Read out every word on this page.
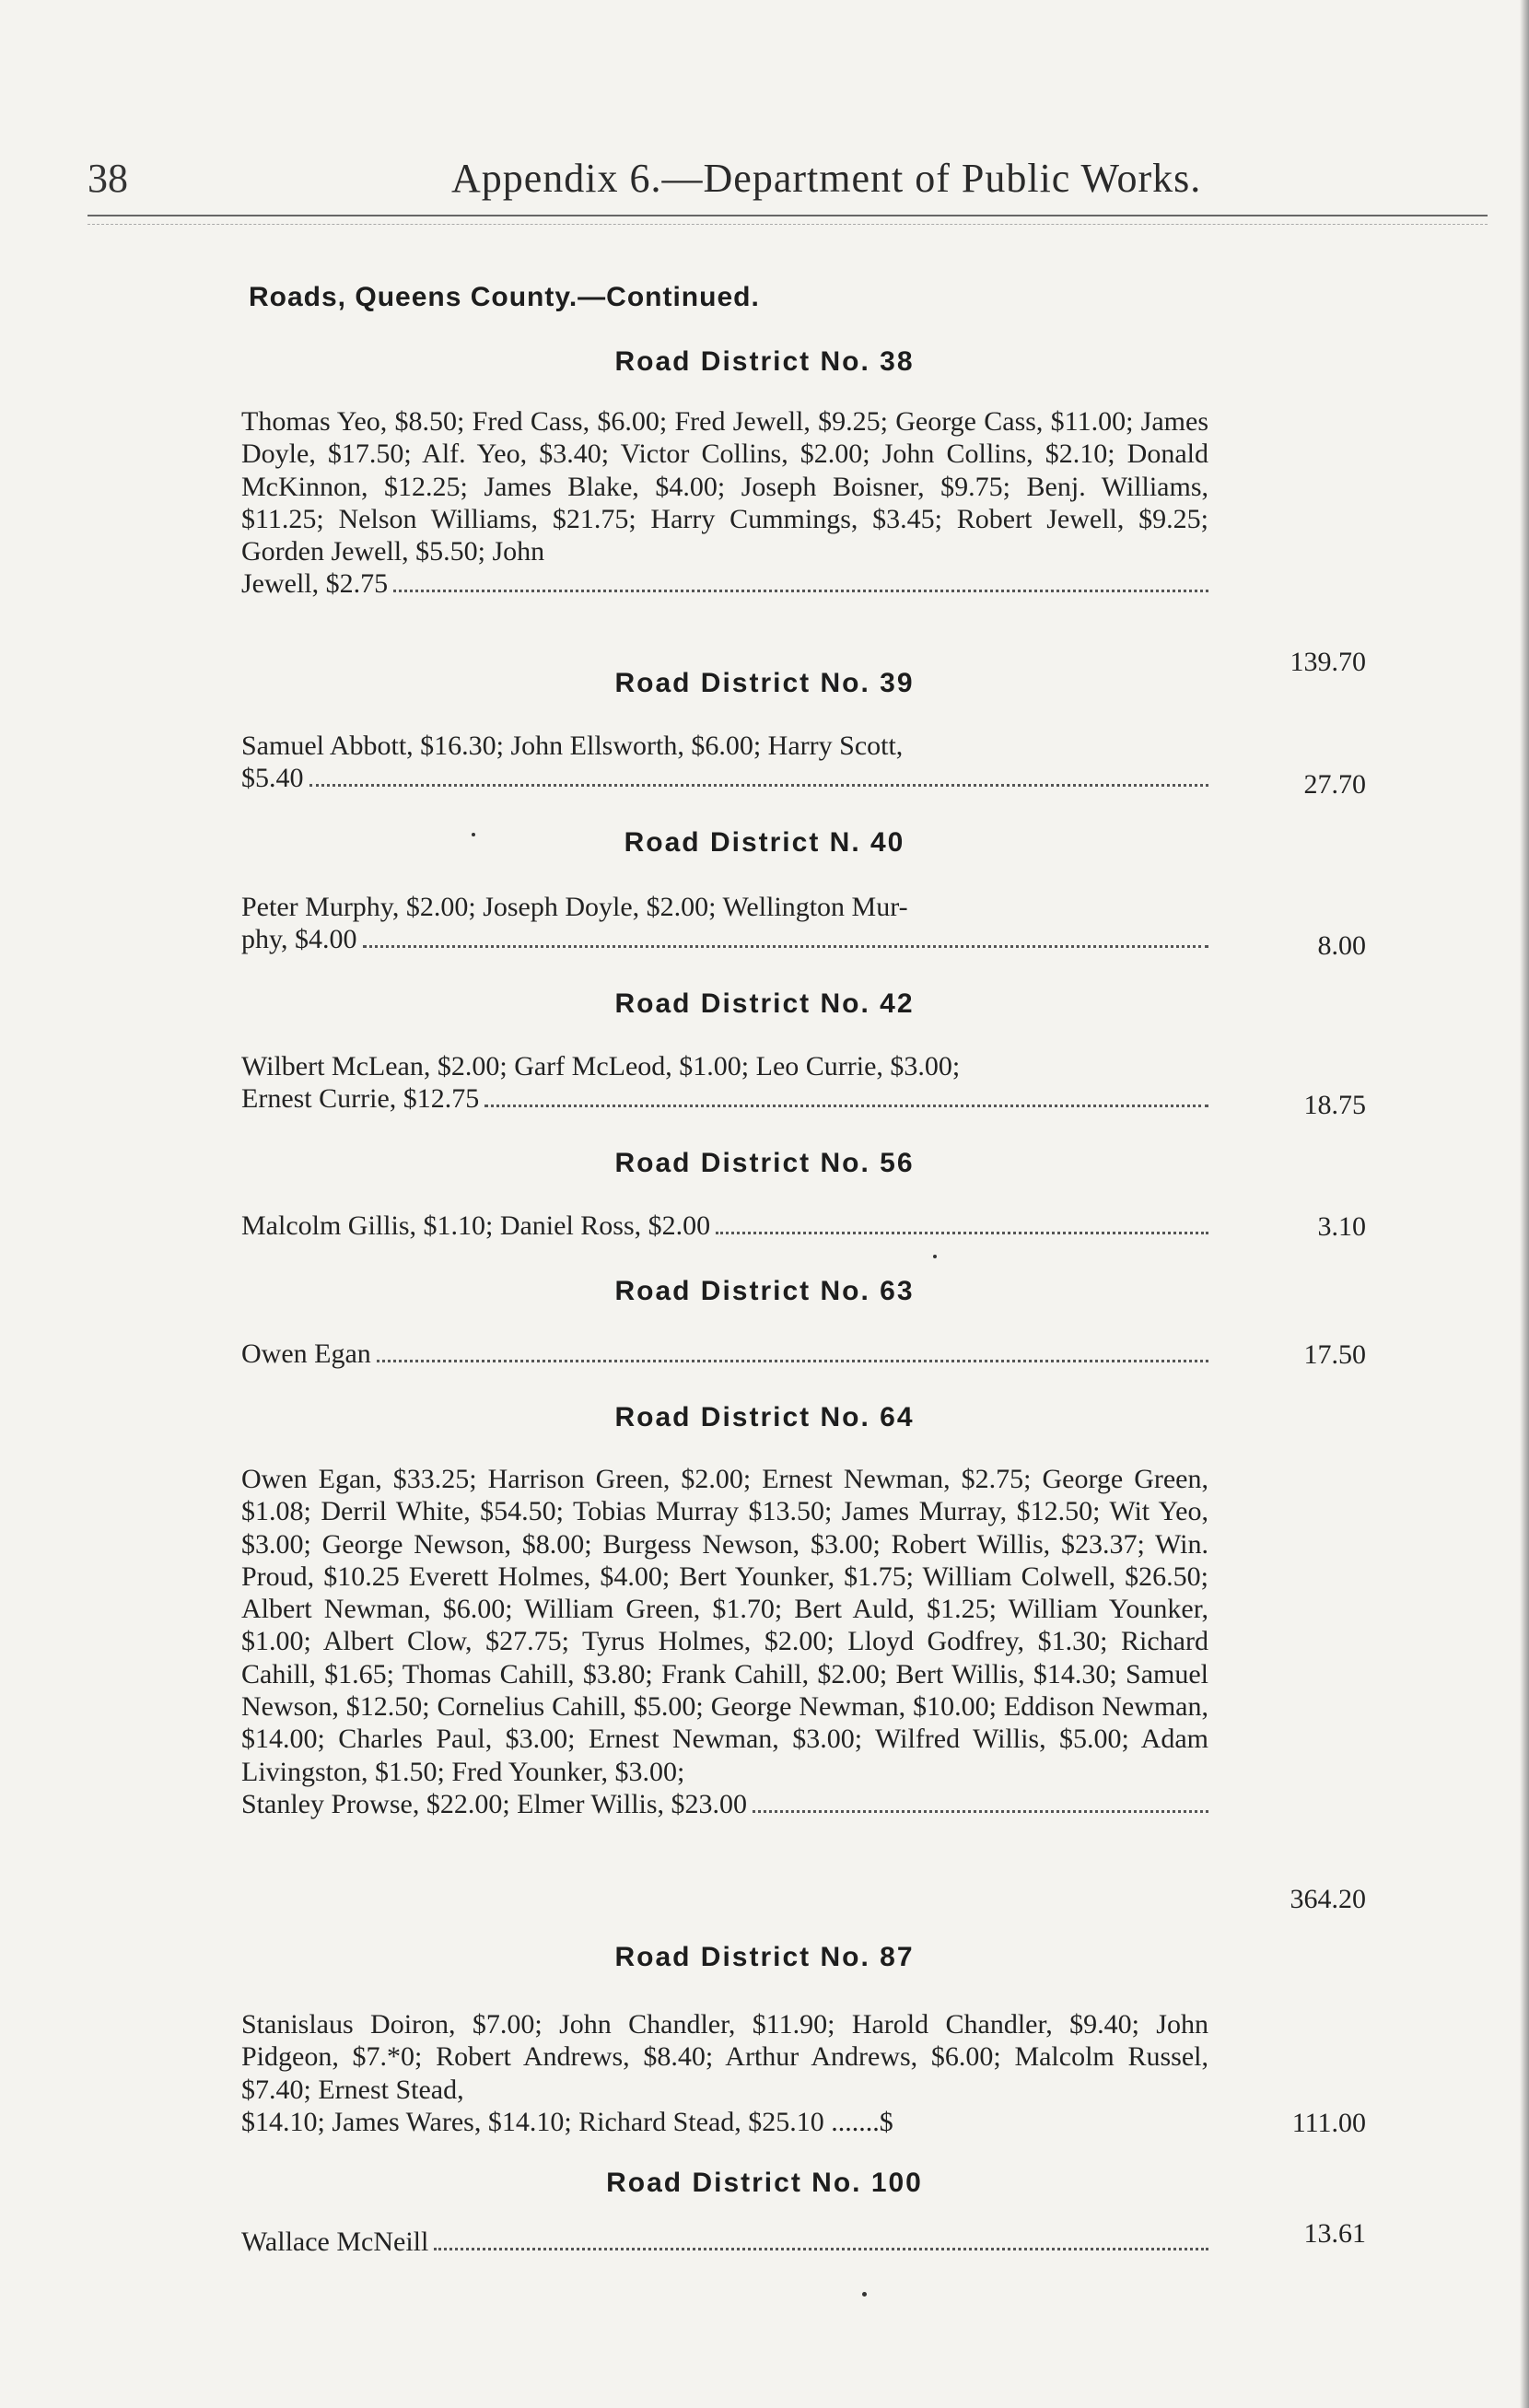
38	Appendix 6.—Department of Public Works.
Roads, Queens County.—Continued.
Road District No. 38
Thomas Yeo, $8.50; Fred Cass, $6.00; Fred Jewell, $9.25; George Cass, $11.00; James Doyle, $17.50; Alf. Yeo, $3.40; Victor Collins, $2.00; John Collins, $2.10; Donald McKinnon, $12.25; James Blake, $4.00; Joseph Boisner, $9.75; Benj. Williams, $11.25; Nelson Williams, $21.75; Harry Cummings, $3.45; Robert Jewell, $9.25; Gorden Jewell, $5.50; John
Jewell, $2.75
139.70
Road District No. 39
Samuel Abbott, $16.30; John Ellsworth, $6.00; Harry Scott,
$5.40	27.70
Road District N. 40
Peter Murphy, $2.00; Joseph Doyle, $2.00; Wellington Mur-
phy, $4.00	8.00
Road District No. 42
Wilbert McLean, $2.00; Garf McLeod, $1.00; Leo Currie, $3.00;
Ernest Currie, $12.75	18.75
Road District No. 56
Malcolm Gillis, $1.10; Daniel Ross, $2.00	3.10
Road District No. 63
Owen Egan	17.50
Road District No. 64
Owen Egan, $33.25; Harrison Green, $2.00; Ernest Newman, $2.75; George Green, $1.08; Derril White, $54.50; Tobias Murray $13.50; James Murray, $12.50; Wit Yeo, $3.00; George Newson, $8.00; Burgess Newson, $3.00; Robert Willis, $23.37; Win. Proud, $10.25 Everett Holmes, $4.00; Bert Younker, $1.75; William Colwell, $26.50; Albert Newman, $6.00; William Green, $1.70; Bert Auld, $1.25; William Younker, $1.00; Albert Clow, $27.75; Tyrus Holmes, $2.00; Lloyd Godfrey, $1.30; Richard Cahill, $1.65; Thomas Cahill, $3.80; Frank Cahill, $2.00; Bert Willis, $14.30; Samuel Newson, $12.50; Cornelius Cahill, $5.00; George Newman, $10.00; Eddison Newman, $14.00; Charles Paul, $3.00; Ernest Newman, $3.00; Wilfred Willis, $5.00; Adam Livingston, $1.50; Fred Younker, $3.00;
Stanley Prowse, $22.00; Elmer Willis, $23.00
364.20
Road District No. 87
Stanislaus Doiron, $7.00; John Chandler, $11.90; Harold Chandler, $9.40; John Pidgeon, $7.*0; Robert Andrews, $8.40; Arthur Andrews, $6.00; Malcolm Russel, $7.40; Ernest Stead,
$14.10; James Wares, $14.10; Richard Stead, $25.10 .......$	111.00
Road District No. 100
Wallace McNeill	13.61
